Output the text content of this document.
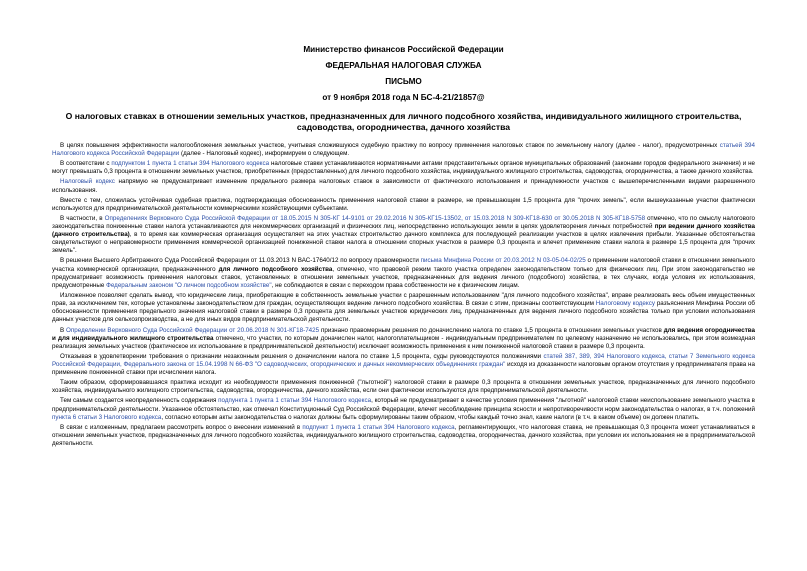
Министерство финансов Российской Федерации
ФЕДЕРАЛЬНАЯ НАЛОГОВАЯ СЛУЖБА
ПИСЬМО
от 9 ноября 2018 года N БС-4-21/21857@
О налоговых ставках в отношении земельных участков, предназначенных для личного подсобного хозяйства, индивидуального жилищного строительства, садоводства, огородничества, дачного хозяйства

В целях повышения эффективности налогообложения земельных участков, учитывая сложившуюся судебную практику по вопросу применения налоговых ставок по земельному налогу (далее - налог), предусмотренных статьей 394 Налогового кодекса Российской Федерации (далее - Налоговый кодекс), информируем о следующем.

В соответствии с подпунктом 1 пункта 1 статьи 394 Налогового кодекса налоговые ставки устанавливаются нормативными актами представительных органов муниципальных образований (законами городов федерального значения) и не могут превышать 0,3 процента в отношении земельных участков, приобретенных (предоставленных) для личного подсобного хозяйства, индивидуального жилищного строительства, садоводства, огородничества, а также дачного хозяйства.

Налоговый кодекс напрямую не предусматривает изменение предельного размера налоговых ставок в зависимости от фактического использования и принадлежности участков с вышеперечисленными видами разрешенного использования.

Вместе с тем, сложилась устойчивая судебная практика, подтверждающая обоснованность применения налоговой ставки в размере, не превышающем 1,5 процента для "прочих земель", если вышеуказанные участки фактически используются для предпринимательской деятельности коммерческими хозяйствующими субъектами.

В частности, в Определениях Верховного Суда Российской Федерации от 18.05.2015 N 305-КГ 14-9101 от 29.02.2016 N 305-КГ15-13502, от 15.03.2018 N 309-КГ18-630 от 30.05.2018 N 305-КГ18-5758 отмечено, что по смыслу налогового законодательства пониженные ставки налога устанавливаются для некоммерческих организаций и физических лиц, непосредственно использующих земли в целях удовлетворения личных потребностей при ведении дачного хозяйства (дачного строительства), в то время как коммерческая организация осуществляет на этих участках строительство дачного комплекса для последующей реализации участков в целях извлечения прибыли. Указанные обстоятельства свидетельствуют о неправомерности применения коммерческой организацией пониженной ставки налога в отношении спорных участков в размере 0,3 процента и влечет применение ставки налога в размере 1,5 процента для "прочих земель".

В решении Высшего Арбитражного Суда Российской Федерации от 11.03.2013 N ВАС-17640/12 по вопросу правомерности письма Минфина России от 20.03.2012 N 03-05-04-02/25 о применении налоговой ставки в отношении земельного участка коммерческой организации, предназначенного для личного подсобного хозяйства, отмечено, что правовой режим такого участка определен законодательством только для физических лиц. При этом законодательство не предусматривает возможность применения налоговых ставок, установленных в отношении земельных участков, предназначенных для ведения личного (подсобного) хозяйства, в тех случаях, когда условия их использования, предусмотренные Федеральным законом "О личном подсобном хозяйстве", не соблюдаются в связи с переходом права собственности не к физическим лицам.

Изложенное позволяет сделать вывод, что юридические лица, приобретающие в собственность земельные участки с разрешенным использованием "для личного подсобного хозяйства", вправе реализовать весь объем имущественных прав, за исключением тех, которые установлены законодательством для граждан, осуществляющих ведение личного подсобного хозяйства. В связи с этим, признаны соответствующим Налоговому кодексу разъяснения Минфина России об обоснованности применения предельного значения налоговой ставки в размере 0,3 процента для земельных участков юридических лиц, предназначенных для ведения личного подсобного хозяйства только при условии использования данных участков для сельхозпроизводства, а не для иных видов предпринимательской деятельности.

В Определении Верховного Суда Российской Федерации от 20.06.2018 N 301-КГ18-7425 признано правомерным решения по доначислению налога по ставке 1,5 процента в отношении земельных участков для ведения огородничества и для индивидуального жилищного строительства отмечено, что участки, по которым доначислен налог, налогоплательщиком - индивидуальным предпринимателем по целевому назначению не использовались, при этом возмездная реализация земельных участков (фактическое их использование в предпринимательской деятельности) исключает возможность применения к ним пониженной налоговой ставки в размере 0,3 процента.

Отказывая в удовлетворении требования о признании незаконным решения о доначислении налога по ставке 1,5 процента, суды руководствуются положениями статей 387, 389, 394 Налогового кодекса, статьи 7 Земельного кодекса Российской Федерации, Федерального закона от 15.04.1998 N 66-ФЗ "О садоводческих, огороднических и дачных некоммерческих объединениях граждан" исходя из доказанности налоговым органом отсутствия у предпринимателя права на применение пониженной ставки при исчислении налога.

Таким образом, сформировавшаяся практика исходит из необходимости применения пониженной ("льготной") налоговой ставки в размере 0,3 процента в отношении земельных участков, предназначенных для личного подсобного хозяйства, индивидуального жилищного строительства, садоводства, огородничества, дачного хозяйства, если они фактически используются для предпринимательской деятельности.

Тем самым создается неопределенность содержания подпункта 1 пункта 1 статьи 394 Налогового кодекса, который не предусматривает в качестве условия применения "льготной" налоговой ставки неиспользование земельного участка в предпринимательской деятельности. Указанное обстоятельство, как отмечал Конституционный Суд Российской Федерации, влечет несоблюдение принципа ясности и непротиворечивости норм законодательства о налогах, в т.ч. положений пункта 6 статьи 3 Налогового кодекса, согласно которым акты законодательства о налогах должны быть сформулированы таким образом, чтобы каждый точно знал, какие налоги (в т.ч. в каком объеме) он должен платить.

В связи с изложенным, предлагаем рассмотреть вопрос о внесении изменений в подпункт 1 пункта 1 статьи 394 Налогового кодекса, регламентирующих, что налоговая ставка, не превышающая 0,3 процента может устанавливаться в отношении земельных участков, предназначенных для личного подсобного хозяйства, индивидуального жилищного строительства, садоводства, огородничества, дачного хозяйства, при условии их использования не в предпринимательской деятельности.
